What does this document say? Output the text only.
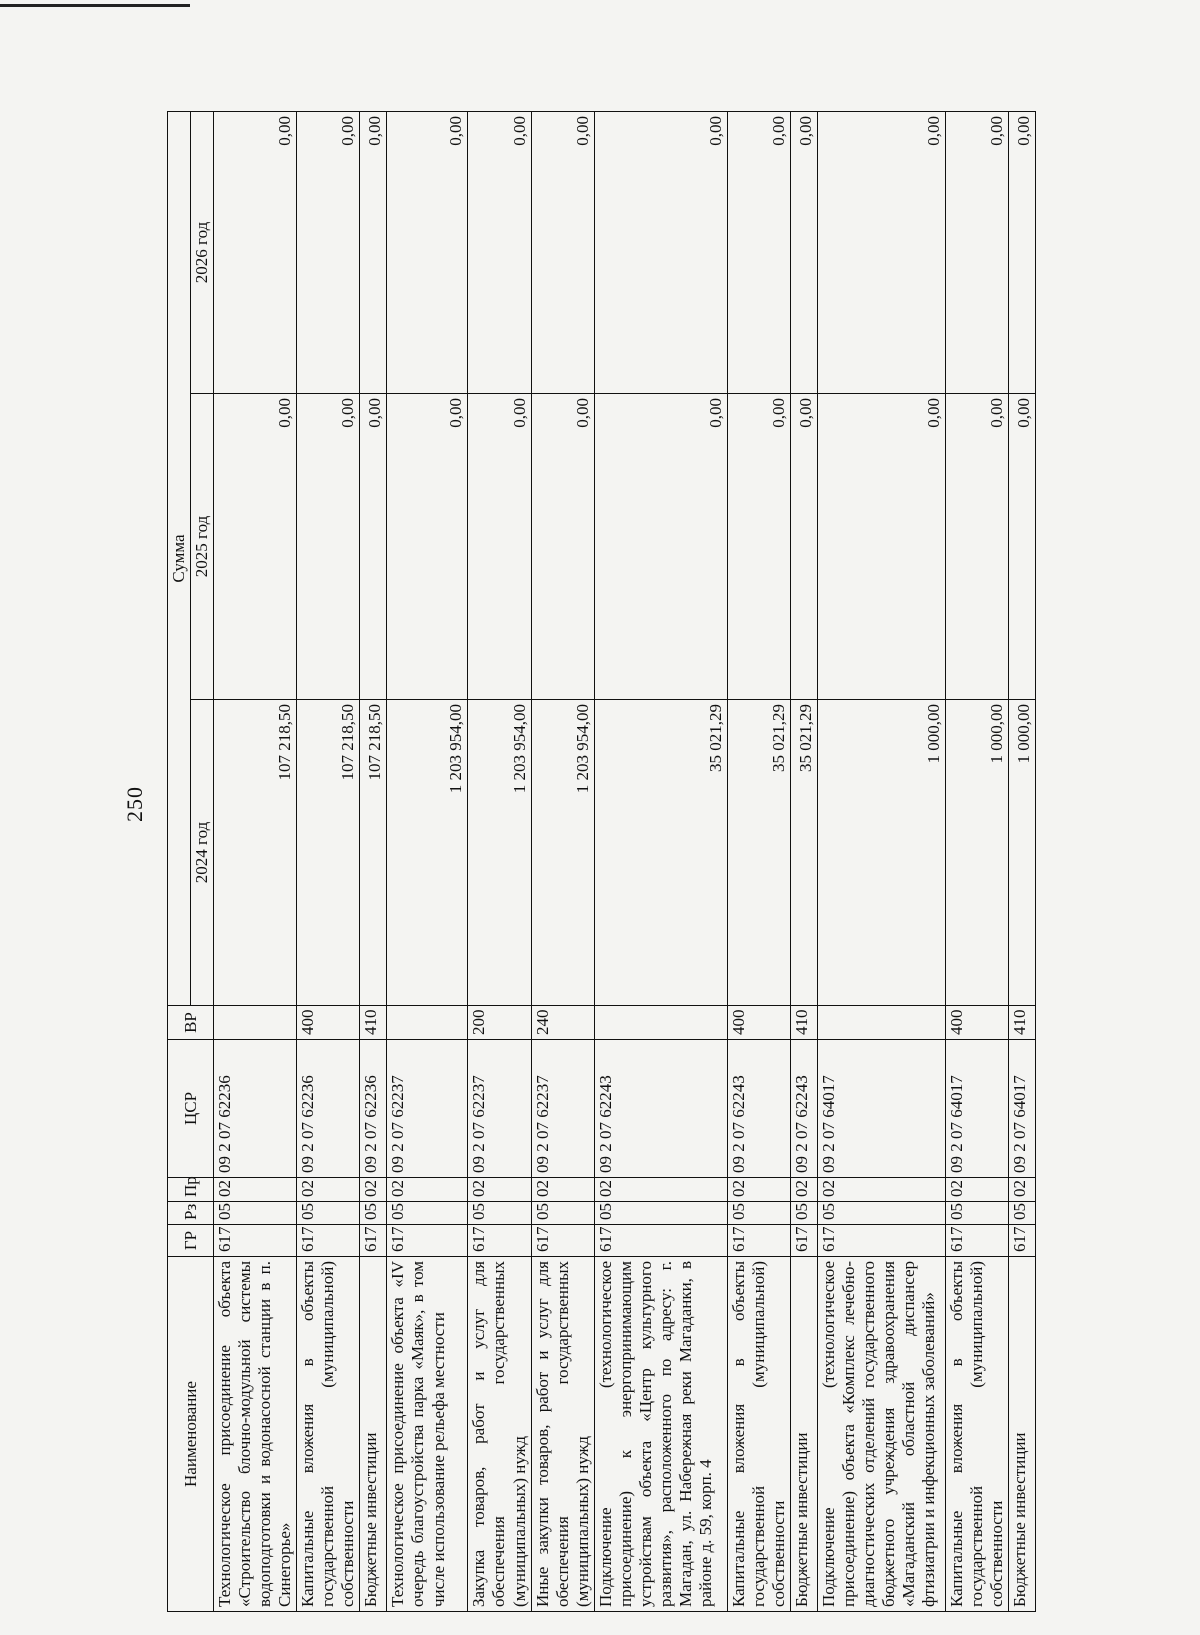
250
Наименование	ГР	Рз	Пр	ЦСР	ВР	Сумма		
						2024 год	2025 год	2026 год
Технологическое присоединение объекта «Строительство блочно-модульной системы водоподготовки и водонасосной станции в п. Синегорье»	617	05	02	09 2 07 62236		107 218,50	0,00	0,00
Капитальные вложения в объекты государственной (муниципальной) собственности	617	05	02	09 2 07 62236	400	107 218,50	0,00	0,00
Бюджетные инвестиции	617	05	02	09 2 07 62236	410	107 218,50	0,00	0,00
Технологическое присоединение объекта «IV очередь благоустройства парка «Маяк», в том числе использование рельефа местности	617	05	02	09 2 07 62237		1 203 954,00	0,00	0,00
Закупка товаров, работ и услуг для обеспечения государственных (муниципальных) нужд	617	05	02	09 2 07 62237	200	1 203 954,00	0,00	0,00
Иные закупки товаров, работ и услуг для обеспечения государственных (муниципальных) нужд	617	05	02	09 2 07 62237	240	1 203 954,00	0,00	0,00
Подключение (технологическое присоединение) к энергопринимающим устройствам объекта «Центр культурного развития», расположенного по адресу: г. Магадан, ул. Набережная реки Магаданки, в районе д. 59, корп. 4	617	05	02	09 2 07 62243		35 021,29	0,00	0,00
Капитальные вложения в объекты государственной (муниципальной) собственности	617	05	02	09 2 07 62243	400	35 021,29	0,00	0,00
Бюджетные инвестиции	617	05	02	09 2 07 62243	410	35 021,29	0,00	0,00
Подключение (технологическое присоединение) объекта «Комплекс лечебно-диагностических отделений государственного бюджетного учреждения здравоохранения «Магаданский областной диспансер фтизиатрии и инфекционных заболеваний»	617	05	02	09 2 07 64017		1 000,00	0,00	0,00
Капитальные вложения в объекты государственной (муниципальной) собственности	617	05	02	09 2 07 64017	400	1 000,00	0,00	0,00
Бюджетные инвестиции	617	05	02	09 2 07 64017	410	1 000,00	0,00	0,00
